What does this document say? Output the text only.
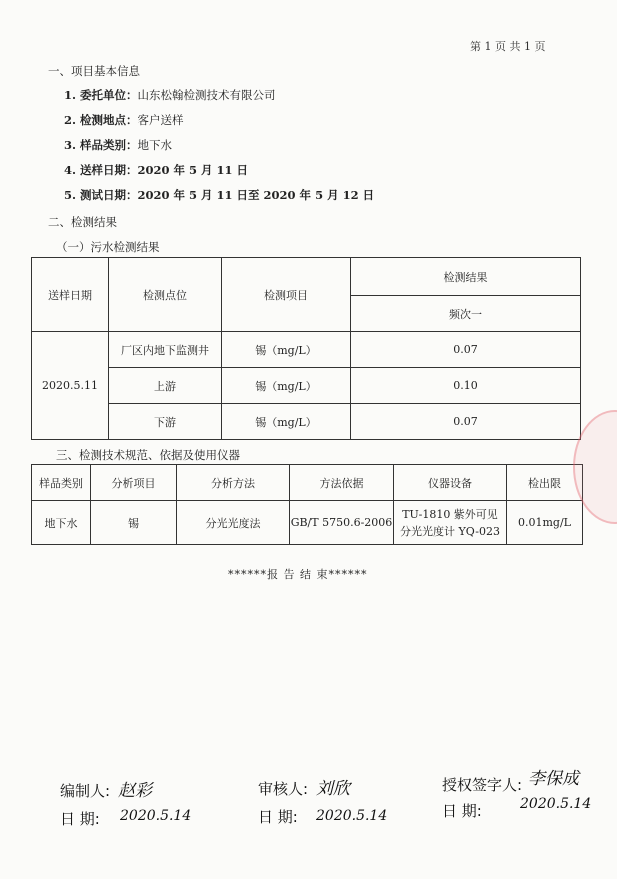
第 1 页 共 1 页
一、项目基本信息
1. 委托单位：山东松翰检测技术有限公司
2. 检测地点：客户送样
3. 样品类别：地下水
4. 送样日期：2020 年 5 月 11 日
5. 测试日期：2020 年 5 月 11 日至 2020 年 5 月 12 日
二、检测结果
（一）污水检测结果
送样日期	检测点位	检测项目	检测结果
			频次一
2020.5.11	厂区内地下监测井	锡（mg/L）	0.07
	上游	锡（mg/L）	0.10
	下游	锡（mg/L）	0.07
三、检测技术规范、依据及使用仪器
样品类别	分析项目	分析方法	方法依据	仪器设备	检出限
地下水	锡	分光光度法	GB/T 5750.6-2006	TU-1810 紫外可见分光光度计 YQ-023	0.01mg/L
******报 告 结 束******
编制人: 赵彩
日 期: 2020.5.14
审核人: 刘欣
日 期: 2020.5.14
授权签字人: 李保成
日 期:	2020.5.14
